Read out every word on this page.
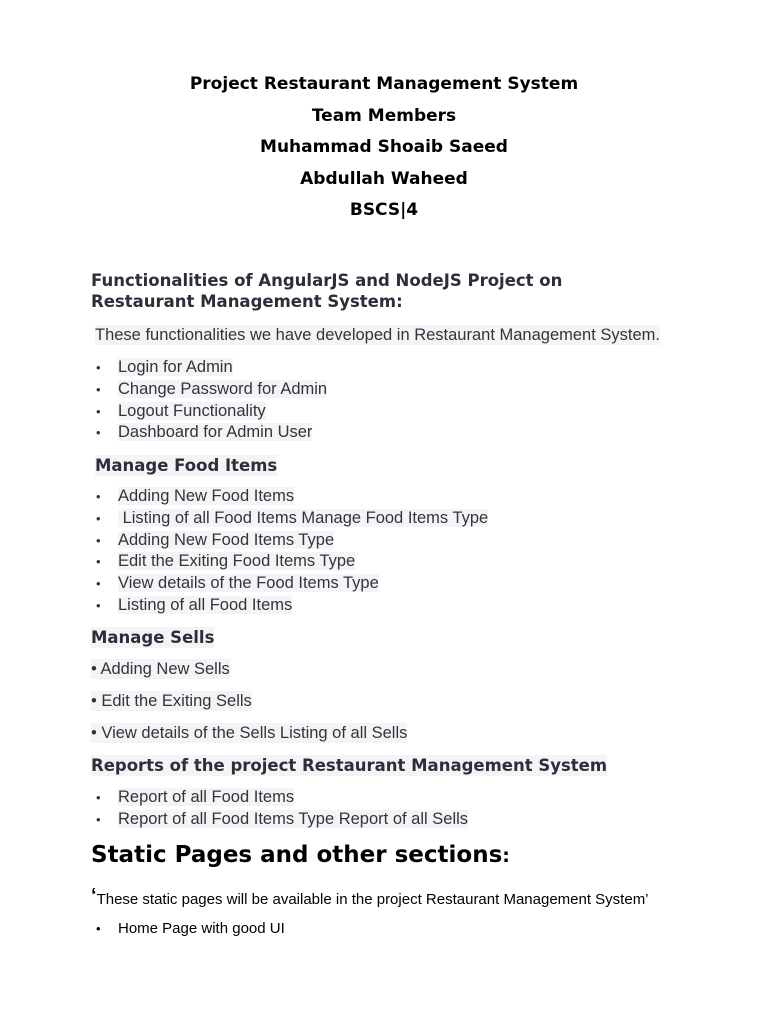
Project Restaurant Management System
Team Members
Muhammad Shoaib Saeed
Abdullah Waheed
BSCS|4
Functionalities of AngularJS and NodeJS Project on
Restaurant Management System:
These functionalities we have developed in Restaurant Management System.
• Login for Admin
• Change Password for Admin
• Logout Functionality
• Dashboard for Admin User
Manage Food Items
• Adding New Food Items
• Listing of all Food Items Manage Food Items Type
• Adding New Food Items Type
• Edit the Exiting Food Items Type
• View details of the Food Items Type
• Listing of all Food Items
Manage Sells
• Adding New Sells
• Edit the Exiting Sells
• View details of the Sells Listing of all Sells
Reports of the project Restaurant Management System
• Report of all Food Items
• Report of all Food Items Type Report of all Sells
Static Pages and other sections:
‘These static pages will be available in the project Restaurant Management System’
• Home Page with good UI
